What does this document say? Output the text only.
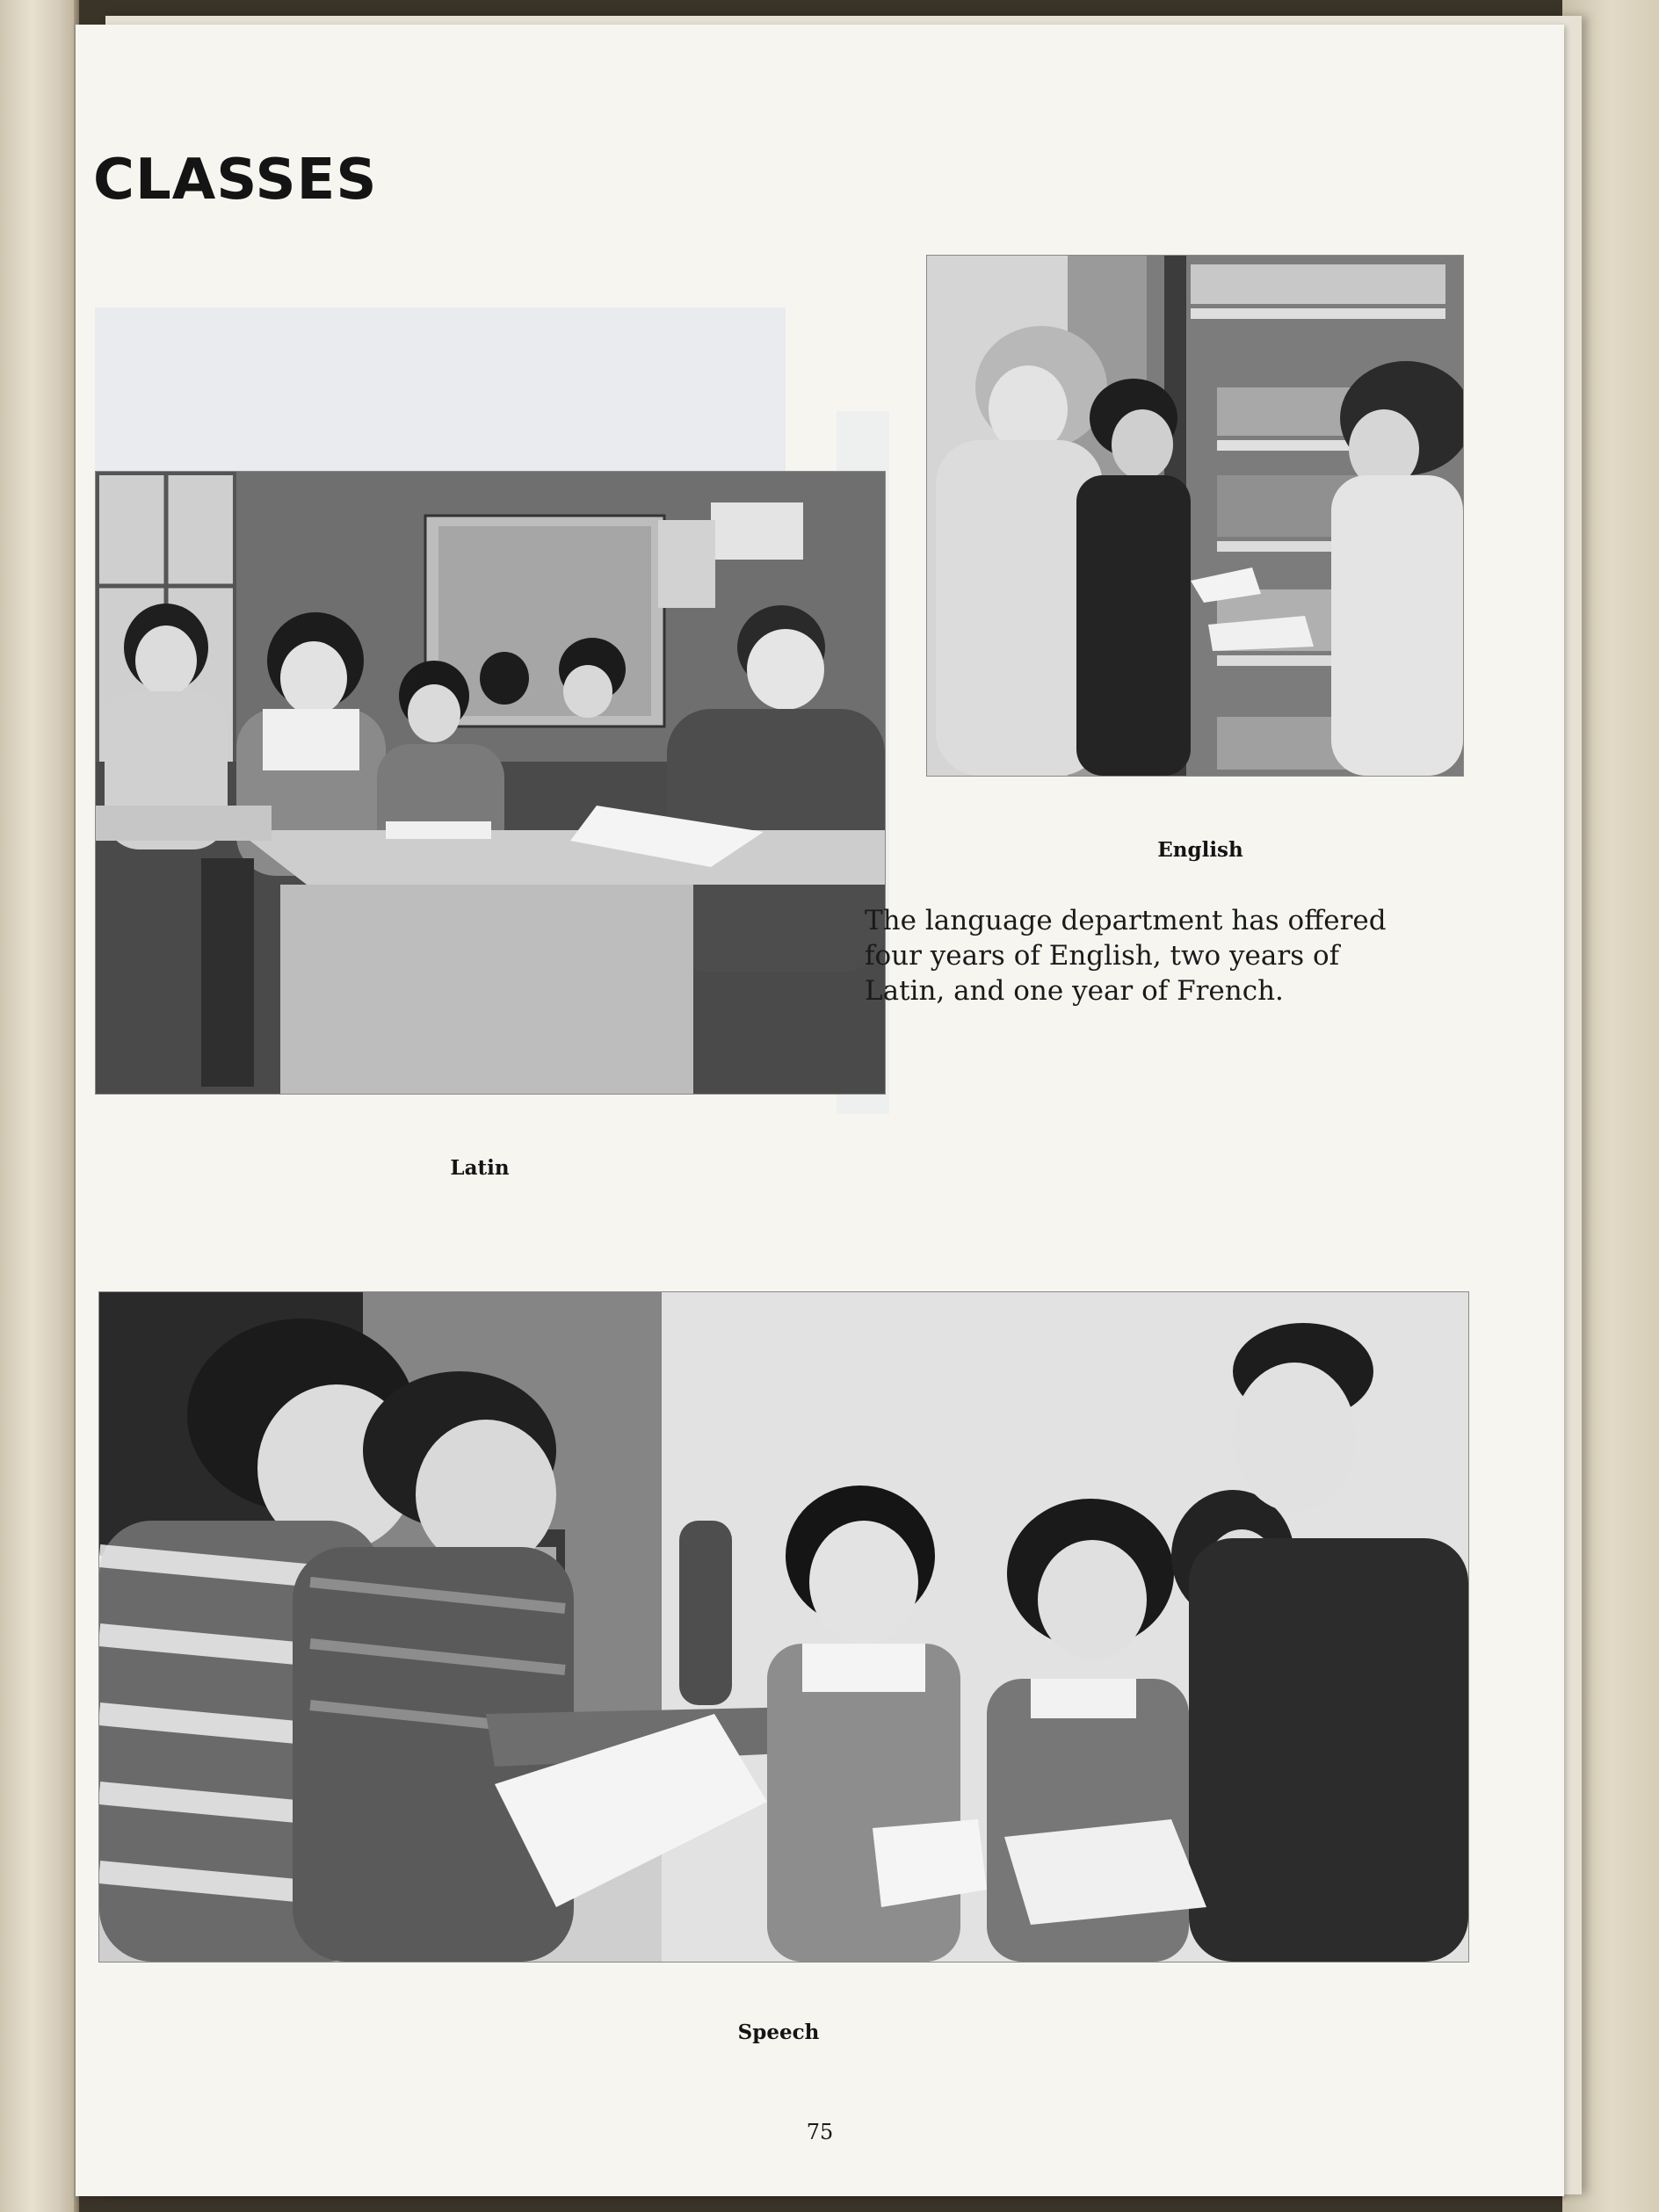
CLASSES
Latin
English
The language department has offered four years of English, two years of Latin, and one year of French.
Speech
75
